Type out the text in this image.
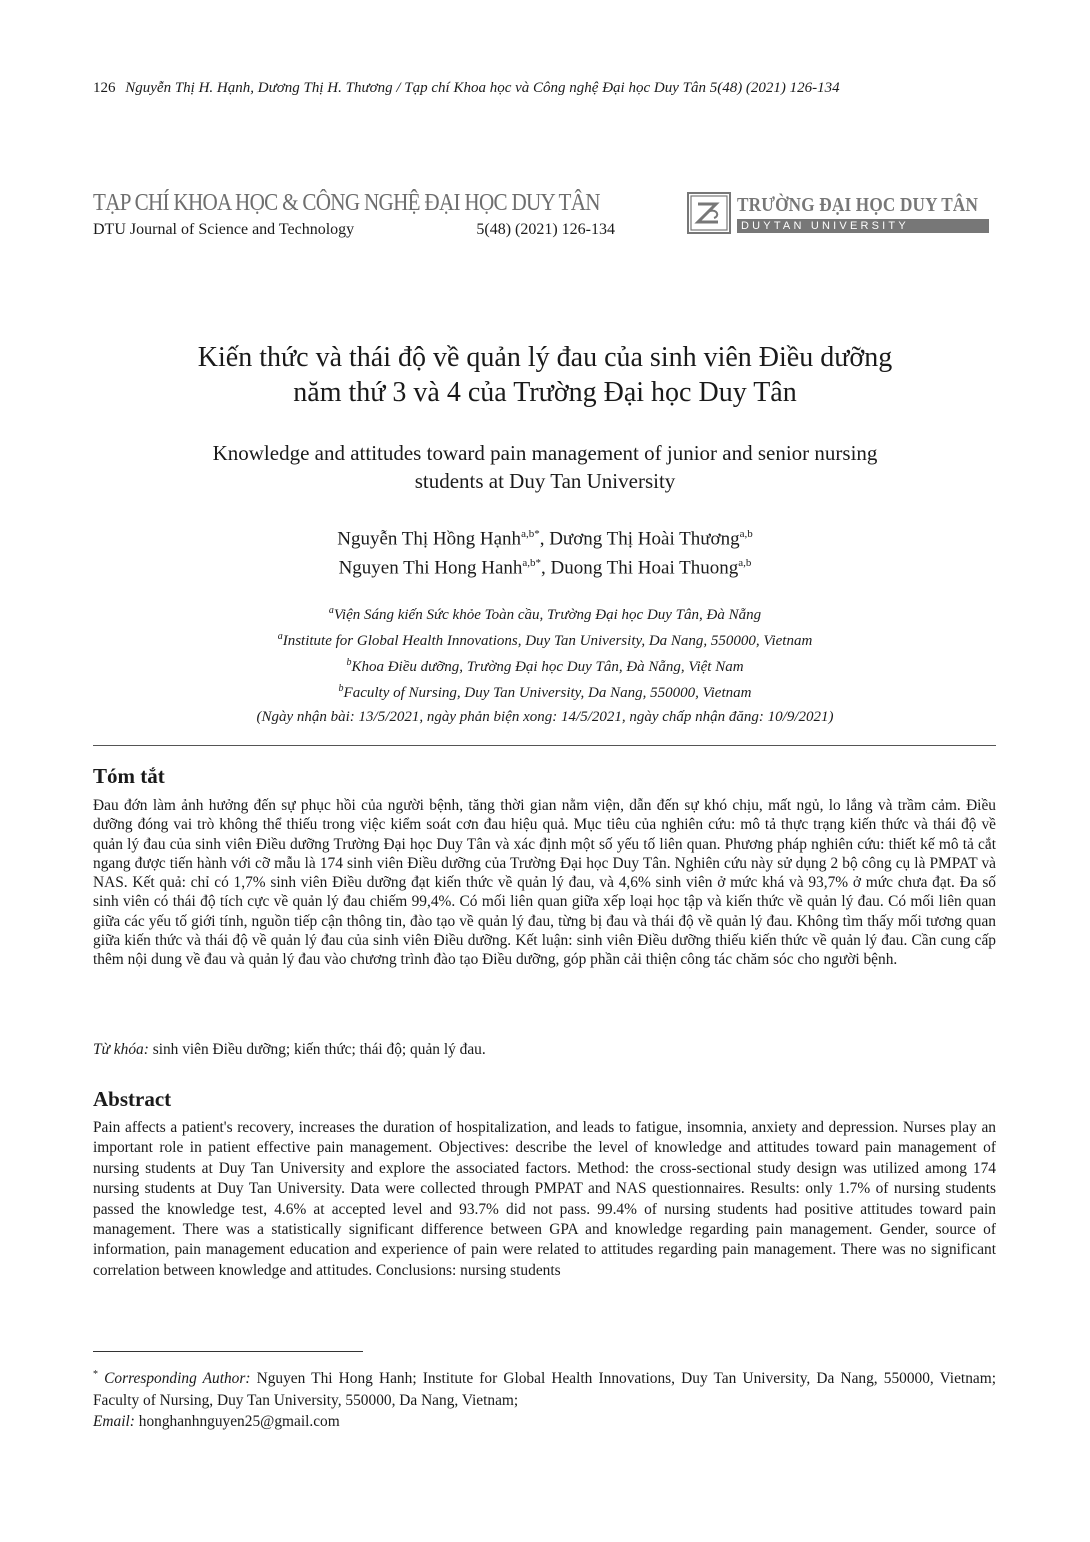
126 Nguyễn Thị H. Hạnh, Dương Thị H. Thương / Tạp chí Khoa học và Công nghệ Đại học Duy Tân 5(48) (2021) 126-134
TẠP CHÍ KHOA HỌC & CÔNG NGHỆ ĐẠI HỌC DUY TÂN
DTU Journal of Science and Technology	5(48) (2021) 126-134
TRƯỜNG ĐẠI HỌC DUY TÂN
DUYTAN UNIVERSITY
Kiến thức và thái độ về quản lý đau của sinh viên Điều dưỡng
năm thứ 3 và 4 của Trường Đại học Duy Tân
Knowledge and attitudes toward pain management of junior and senior nursing
students at Duy Tan University
Nguyễn Thị Hồng Hạnh$^{a,b*}$, Dương Thị Hoài Thương$^{a,b}$
Nguyen Thi Hong Hanh$^{a,b*}$, Duong Thi Hoai Thuong$^{a,b}$
$^a$Viện Sáng kiến Sức khỏe Toàn cầu, Trường Đại học Duy Tân, Đà Nẵng
$^a$Institute for Global Health Innovations, Duy Tan University, Da Nang, 550000, Vietnam
$^b$Khoa Điều dưỡng, Trường Đại học Duy Tân, Đà Nẵng, Việt Nam
$^b$Faculty of Nursing, Duy Tan University, Da Nang, 550000, Vietnam
(Ngày nhận bài: 13/5/2021, ngày phản biện xong: 14/5/2021, ngày chấp nhận đăng: 10/9/2021)
Tóm tắt
Đau đớn làm ảnh hưởng đến sự phục hồi của người bệnh, tăng thời gian nằm viện, dẫn đến sự khó chịu, mất ngủ, lo lắng và trầm cảm. Điều dưỡng đóng vai trò không thể thiếu trong việc kiểm soát cơn đau hiệu quả. Mục tiêu của nghiên cứu: mô tả thực trạng kiến thức và thái độ về quản lý đau của sinh viên Điều dưỡng Trường Đại học Duy Tân và xác định một số yếu tố liên quan. Phương pháp nghiên cứu: thiết kế mô tả cắt ngang được tiến hành với cỡ mẫu là 174 sinh viên Điều dưỡng của Trường Đại học Duy Tân. Nghiên cứu này sử dụng 2 bộ công cụ là PMPAT và NAS. Kết quả: chỉ có 1,7% sinh viên Điều dưỡng đạt kiến thức về quản lý đau, và 4,6% sinh viên ở mức khá và 93,7% ở mức chưa đạt. Đa số sinh viên có thái độ tích cực về quản lý đau chiếm 99,4%. Có mối liên quan giữa xếp loại học tập và kiến thức về quản lý đau. Có mối liên quan giữa các yếu tố giới tính, nguồn tiếp cận thông tin, đào tạo về quản lý đau, từng bị đau và thái độ về quản lý đau. Không tìm thấy mối tương quan giữa kiến thức và thái độ về quản lý đau của sinh viên Điều dưỡng. Kết luận: sinh viên Điều dưỡng thiếu kiến thức về quản lý đau. Cần cung cấp thêm nội dung về đau và quản lý đau vào chương trình đào tạo Điều dưỡng, góp phần cải thiện công tác chăm sóc cho người bệnh.
Từ khóa: sinh viên Điều dưỡng; kiến thức; thái độ; quản lý đau.
Abstract
Pain affects a patient's recovery, increases the duration of hospitalization, and leads to fatigue, insomnia, anxiety and depression. Nurses play an important role in patient effective pain management. Objectives: describe the level of knowledge and attitudes toward pain management of nursing students at Duy Tan University and explore the associated factors. Method: the cross-sectional study design was utilized among 174 nursing students at Duy Tan University. Data were collected through PMPAT and NAS questionnaires. Results: only 1.7% of nursing students passed the knowledge test, 4.6% at accepted level and 93.7% did not pass. 99.4% of nursing students had positive attitudes toward pain management. There was a statistically significant difference between GPA and knowledge regarding pain management. Gender, source of information, pain management education and experience of pain were related to attitudes regarding pain management. There was no significant correlation between knowledge and attitudes. Conclusions: nursing students
* Corresponding Author: Nguyen Thi Hong Hanh; Institute for Global Health Innovations, Duy Tan University, Da Nang, 550000, Vietnam; Faculty of Nursing, Duy Tan University, 550000, Da Nang, Vietnam;
Email: honghanhnguyen25@gmail.com
